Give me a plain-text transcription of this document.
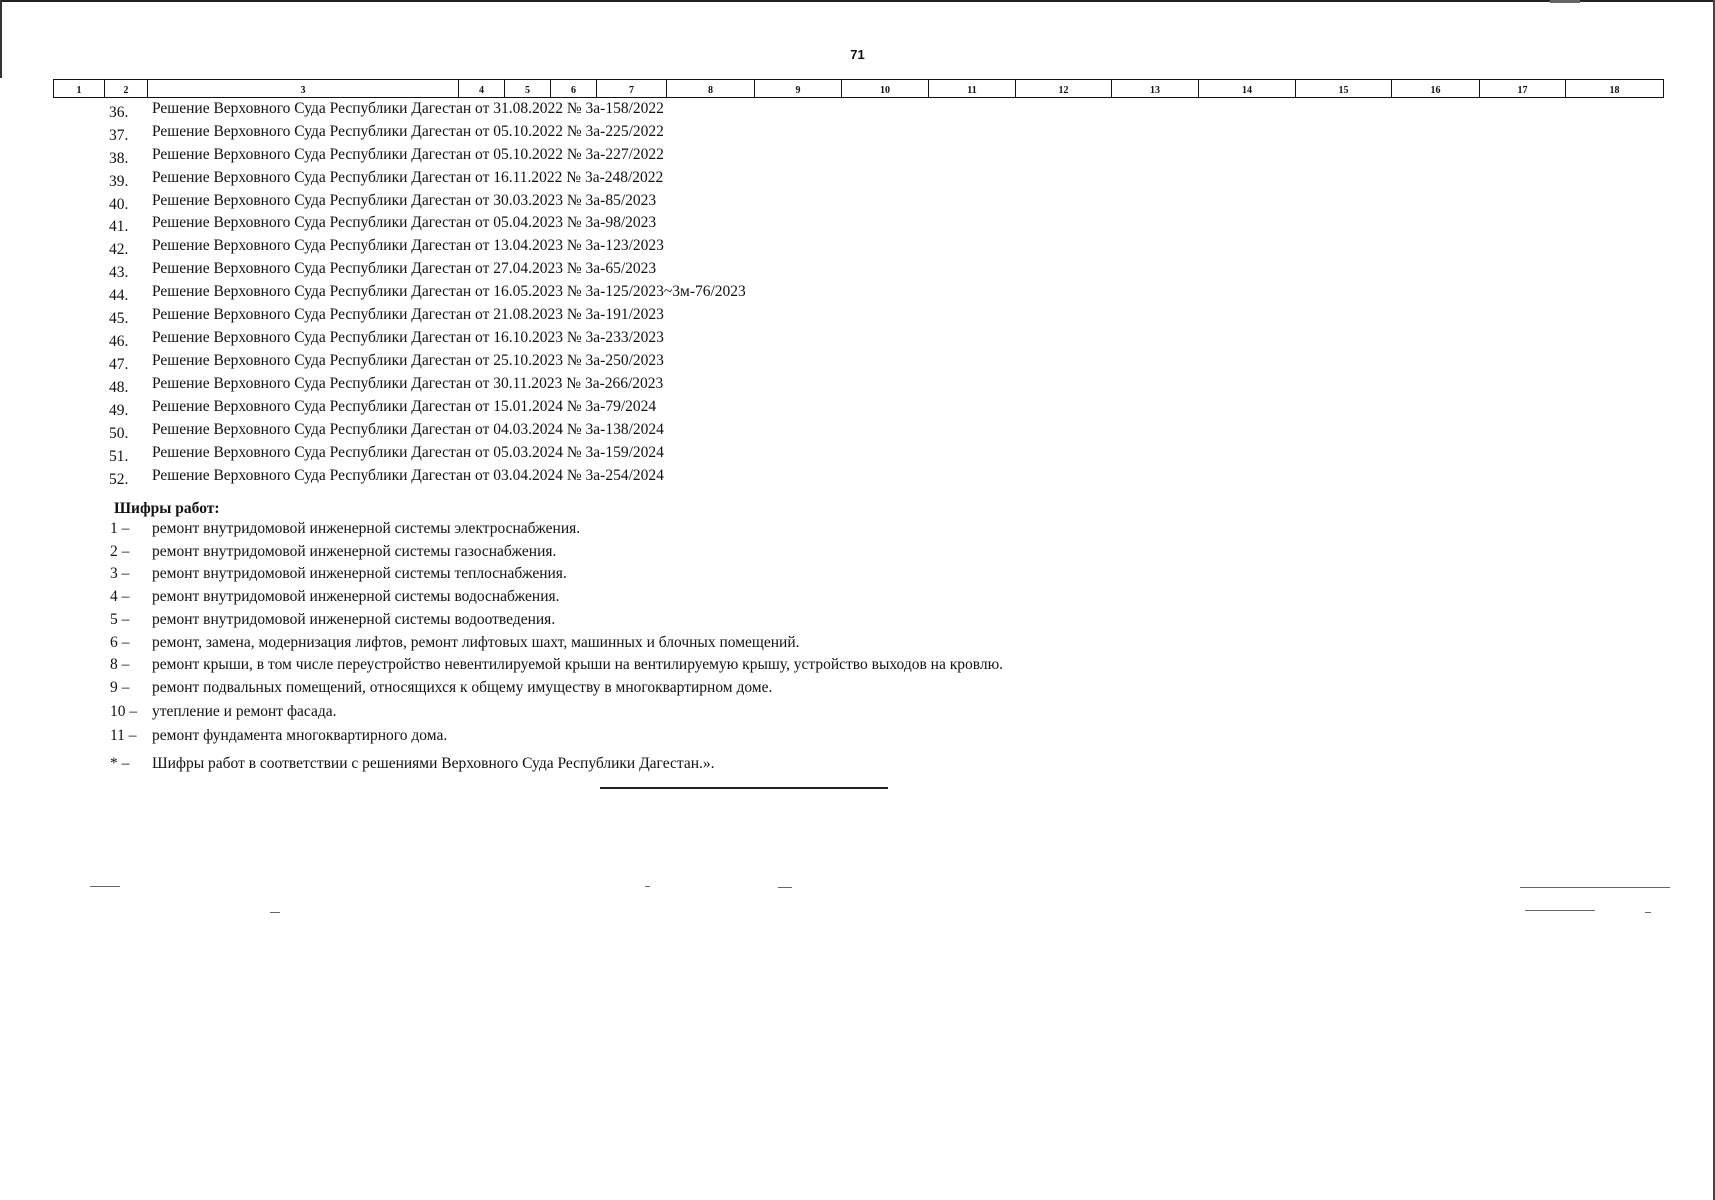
71
1	2	3	4	5	6	7	8	9	10	11	12	13	14	15	16	17	18
36. Решение Верховного Суда Республики Дагестан от 31.08.2022 № 3а-158/2022
37. Решение Верховного Суда Республики Дагестан от 05.10.2022 № 3а-225/2022
38. Решение Верховного Суда Республики Дагестан от 05.10.2022 № 3а-227/2022
39. Решение Верховного Суда Республики Дагестан от 16.11.2022 № 3а-248/2022
40. Решение Верховного Суда Республики Дагестан от 30.03.2023 № 3а-85/2023
41. Решение Верховного Суда Республики Дагестан от 05.04.2023 № 3а-98/2023
42. Решение Верховного Суда Республики Дагестан от 13.04.2023 № 3а-123/2023
43. Решение Верховного Суда Республики Дагестан от 27.04.2023 № 3а-65/2023
44. Решение Верховного Суда Республики Дагестан от 16.05.2023 № 3а-125/2023~3м-76/2023
45. Решение Верховного Суда Республики Дагестан от 21.08.2023 № 3а-191/2023
46. Решение Верховного Суда Республики Дагестан от 16.10.2023 № 3а-233/2023
47. Решение Верховного Суда Республики Дагестан от 25.10.2023 № 3а-250/2023
48. Решение Верховного Суда Республики Дагестан от 30.11.2023 № 3а-266/2023
49. Решение Верховного Суда Республики Дагестан от 15.01.2024 № 3а-79/2024
50. Решение Верховного Суда Республики Дагестан от 04.03.2024 № 3а-138/2024
51. Решение Верховного Суда Республики Дагестан от 05.03.2024 № 3а-159/2024
52. Решение Верховного Суда Республики Дагестан от 03.04.2024 № 3а-254/2024
Шифры работ:
1 – ремонт внутридомовой инженерной системы электроснабжения.
2 – ремонт внутридомовой инженерной системы газоснабжения.
3 – ремонт внутридомовой инженерной системы теплоснабжения.
4 – ремонт внутридомовой инженерной системы водоснабжения.
5 – ремонт внутридомовой инженерной системы водоотведения.
6 – ремонт, замена, модернизация лифтов, ремонт лифтовых шахт, машинных и блочных помещений.
8 – ремонт крыши, в том числе переустройство невентилируемой крыши на вентилируемую крышу, устройство выходов на кровлю.
9 – ремонт подвальных помещений, относящихся к общему имуществу в многоквартирном доме.
10 – утепление и ремонт фасада.
11 – ремонт фундамента многоквартирного дома.
* – Шифры работ в соответствии с решениями Верховного Суда Республики Дагестан.».
